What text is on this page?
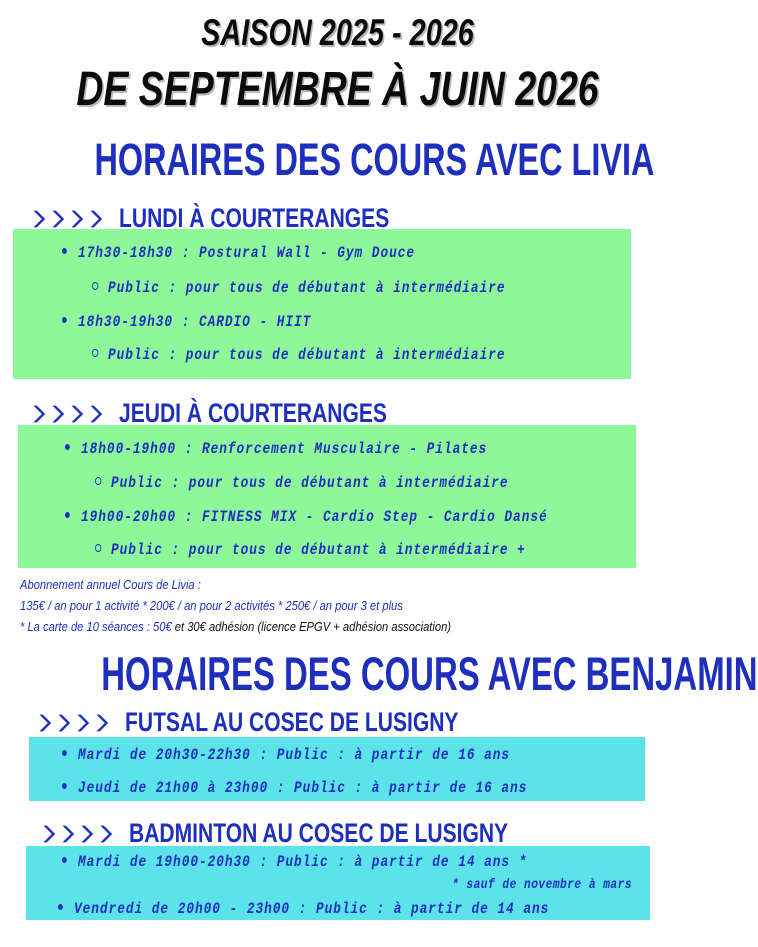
SAISON 2025 - 2026
DE SEPTEMBRE À JUIN 2026
HORAIRES DES COURS AVEC LIVIA
LUNDI À COURTERANGES
17h30-18h30 : Postural Wall - Gym Douce
Public : pour tous de débutant à intermédiaire
18h30-19h30 : CARDIO - HIIT
Public : pour tous de débutant à intermédiaire
JEUDI À COURTERANGES
18h00-19h00 : Renforcement Musculaire - Pilates
Public : pour tous de débutant à intermédiaire
19h00-20h00 : FITNESS MIX - Cardio Step - Cardio Dansé
Public : pour tous de débutant à intermédiaire +
Abonnement annuel Cours de Livia :
135€ / an pour 1 activité * 200€ / an pour 2 activités * 250€ / an pour 3 et plus
* La carte de 10 séances : 50€ et 30€ adhésion (licence EPGV + adhésion association)
HORAIRES DES COURS AVEC BENJAMIN
FUTSAL AU COSEC DE LUSIGNY
Mardi de 20h30-22h30 : Public : à partir de 16 ans
Jeudi de 21h00 à 23h00 : Public : à partir de 16 ans
BADMINTON AU COSEC DE LUSIGNY
Mardi de 19h00-20h30 : Public : à partir de 14 ans *
* sauf de novembre à mars
Vendredi de 20h00 - 23h00 : Public : à partir de 14 ans
